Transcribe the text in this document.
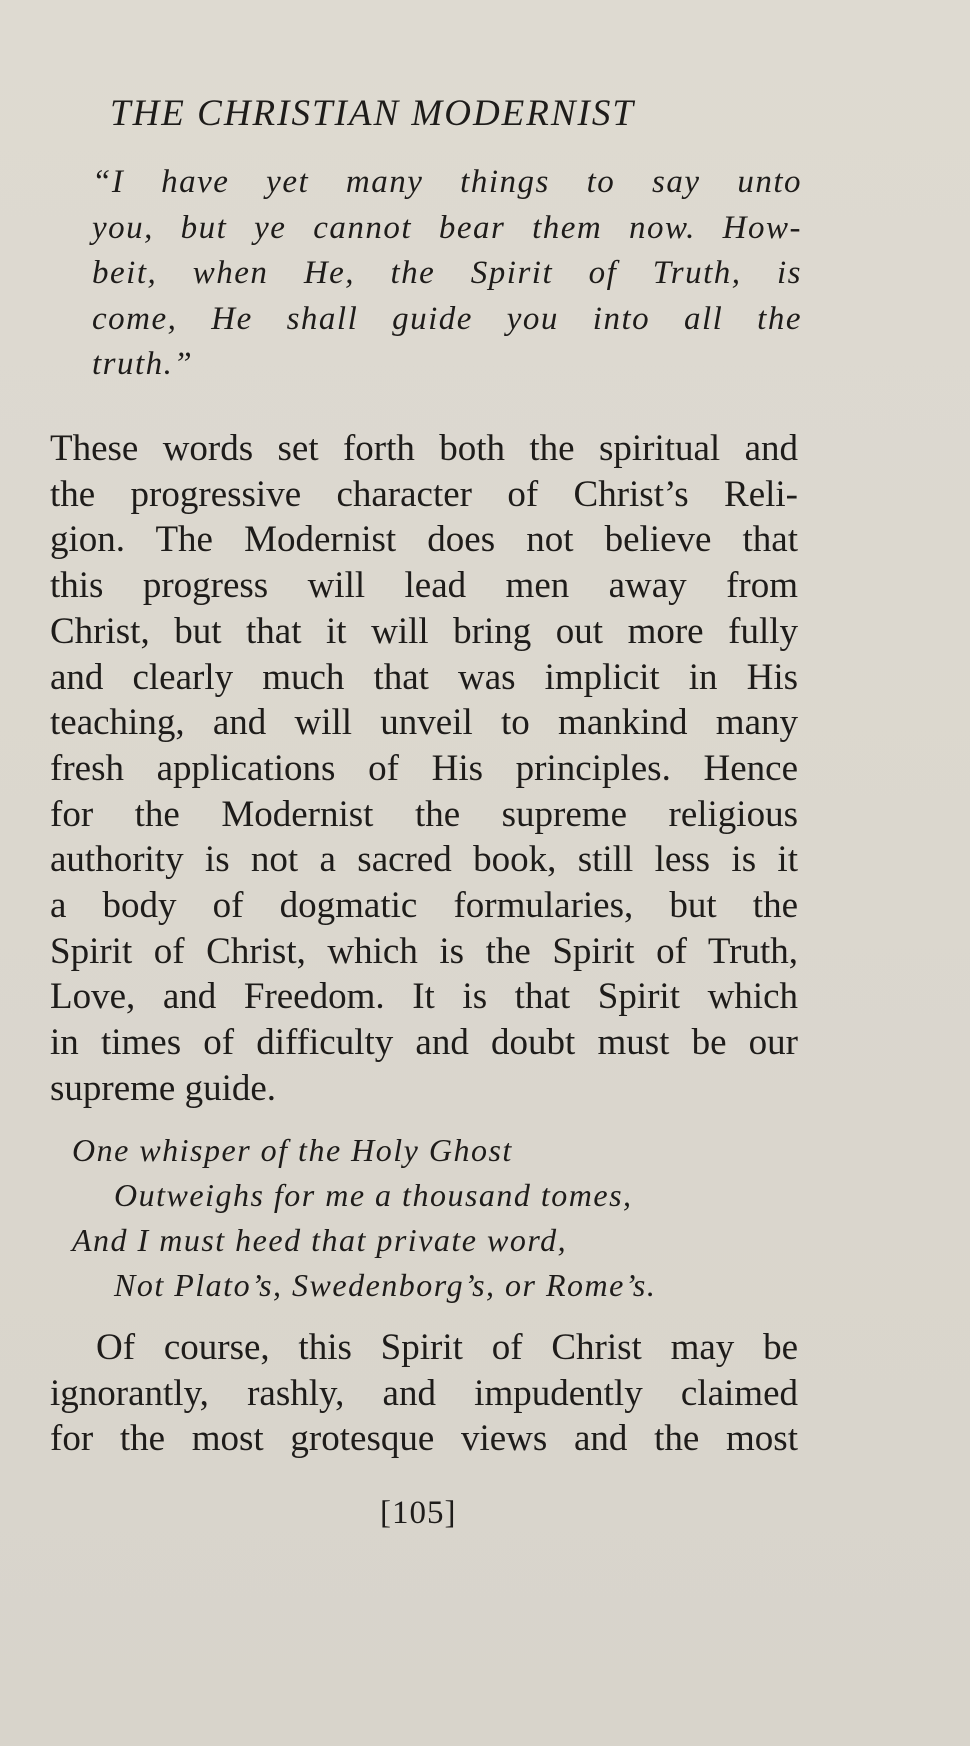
THE CHRISTIAN MODERNIST
“I have yet many things to say unto
you, but ye cannot bear them now. How-
beit, when He, the Spirit of Truth, is
come, He shall guide you into all the
truth.”
These words set forth both the spiritual and
the progressive character of Christ’s Reli-
gion. The Modernist does not believe that
this progress will lead men away from
Christ, but that it will bring out more fully
and clearly much that was implicit in His
teaching, and will unveil to mankind many
fresh applications of His principles. Hence
for the Modernist the supreme religious
authority is not a sacred book, still less is it
a body of dogmatic formularies, but the
Spirit of Christ, which is the Spirit of Truth,
Love, and Freedom. It is that Spirit which
in times of difficulty and doubt must be our
supreme guide.
One whisper of the Holy Ghost
Outweighs for me a thousand tomes,
And I must heed that private word,
Not Plato’s, Swedenborg’s, or Rome’s.
Of course, this Spirit of Christ may be
ignorantly, rashly, and impudently claimed
for the most grotesque views and the most
[105]
